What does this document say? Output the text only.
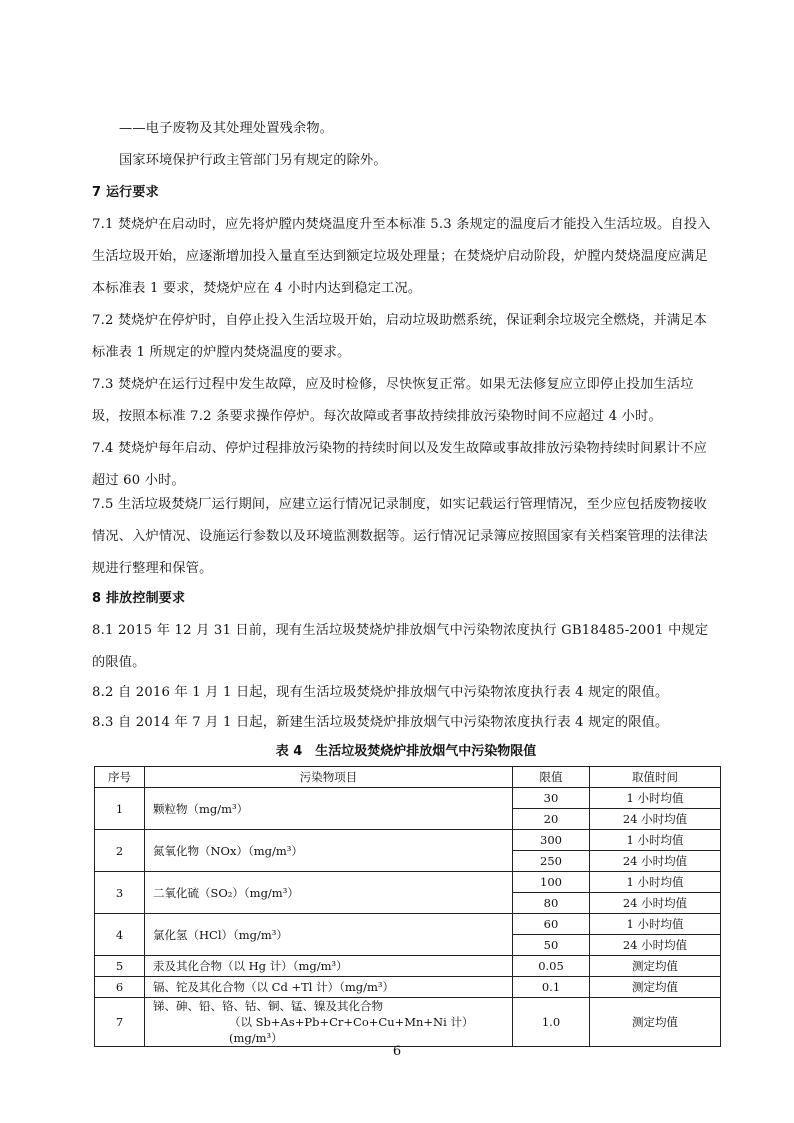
——电子废物及其处理处置残余物。
国家环境保护行政主管部门另有规定的除外。
7 运行要求
7.1 焚烧炉在启动时，应先将炉膛内焚烧温度升至本标准 5.3 条规定的温度后才能投入生活垃圾。自投入生活垃圾开始，应逐渐增加投入量直至达到额定垃圾处理量；在焚烧炉启动阶段，炉膛内焚烧温度应满足本标准表 1 要求，焚烧炉应在 4 小时内达到稳定工况。
7.2 焚烧炉在停炉时，自停止投入生活垃圾开始，启动垃圾助燃系统，保证剩余垃圾完全燃烧，并满足本标准表 1 所规定的炉膛内焚烧温度的要求。
7.3 焚烧炉在运行过程中发生故障，应及时检修，尽快恢复正常。如果无法修复应立即停止投加生活垃圾，按照本标准 7.2 条要求操作停炉。每次故障或者事故持续排放污染物时间不应超过 4 小时。
7.4 焚烧炉每年启动、停炉过程排放污染物的持续时间以及发生故障或事故排放污染物持续时间累计不应超过 60 小时。
7.5 生活垃圾焚烧厂运行期间，应建立运行情况记录制度，如实记载运行管理情况，至少应包括废物接收情况、入炉情况、设施运行参数以及环境监测数据等。运行情况记录簿应按照国家有关档案管理的法律法规进行整理和保管。
8 排放控制要求
8.1 2015 年 12 月 31 日前，现有生活垃圾焚烧炉排放烟气中污染物浓度执行 GB18485-2001 中规定的限值。
8.2 自 2016 年 1 月 1 日起，现有生活垃圾焚烧炉排放烟气中污染物浓度执行表 4 规定的限值。
8.3 自 2014 年 7 月 1 日起，新建生活垃圾焚烧炉排放烟气中污染物浓度执行表 4 规定的限值。
表 4　生活垃圾焚烧炉排放烟气中污染物限值
序号	污染物项目	限值	取值时间
1	颗粒物（mg/m³）	30	1 小时均值
		20	24 小时均值
2	氮氧化物（NOx）（mg/m³）	300	1 小时均值
		250	24 小时均值
3	二氧化硫（SO₂）（mg/m³）	100	1 小时均值
		80	24 小时均值
4	氯化氢（HCl）（mg/m³）	60	1 小时均值
		50	24 小时均值
5	汞及其化合物（以 Hg 计）（mg/m³）	0.05	测定均值
6	镉、铊及其化合物（以 Cd +Tl 计）（mg/m³）	0.1	测定均值
7	锑、砷、铅、铬、钴、铜、锰、镍及其化合物
（以 Sb+As+Pb+Cr+Co+Cu+Mn+Ni 计）(mg/m³）	1.0	测定均值
6
